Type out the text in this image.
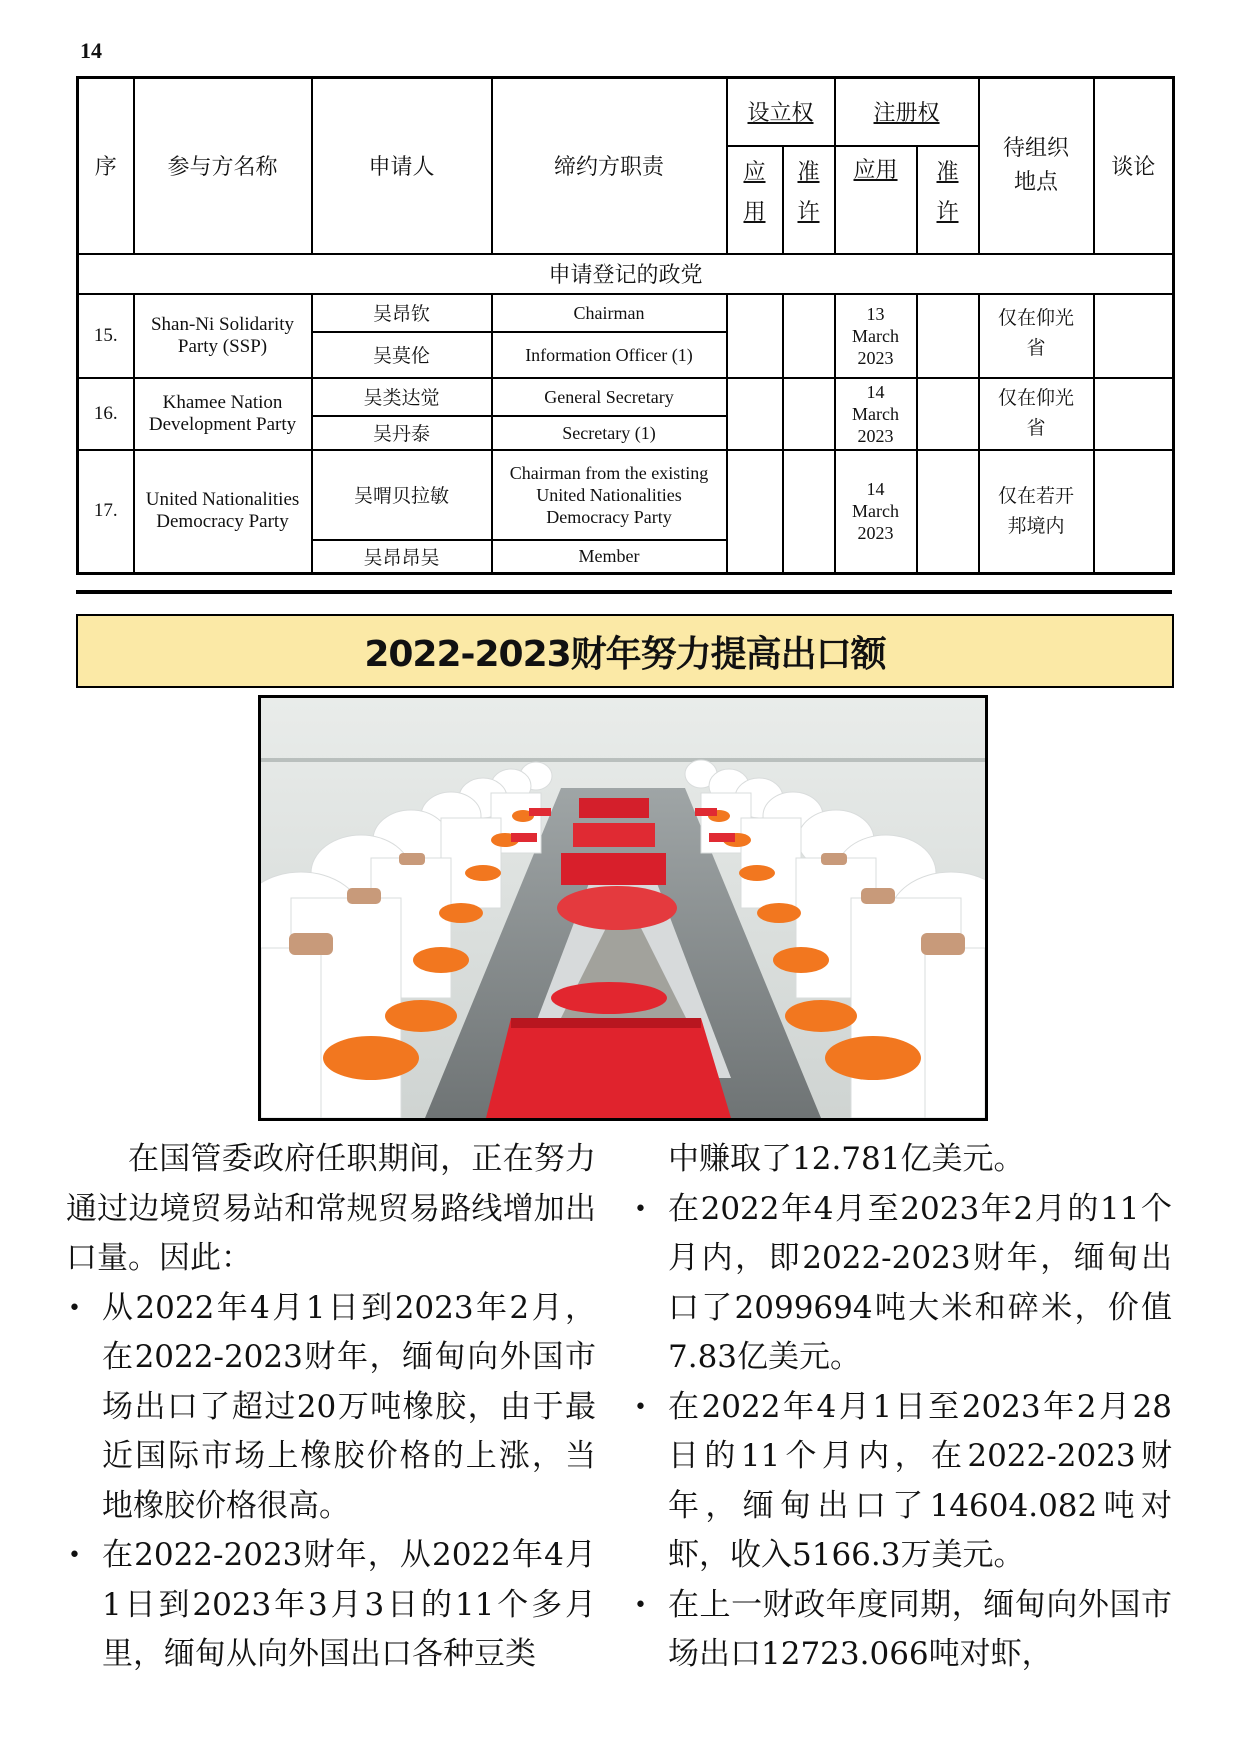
14
序	参与方名称	申请人	缔约方职责	设立权		注册权		待组织地点	谈论

				应用	准许	应用	准许		

申请登记的政党									
15.	Shan-Ni Solidarity Party (SSP)	吴昂钦	Chairman			13 March 2023		仅在仰光省	
		吴莫伦	Information Officer (1)						
16.	Khamee Nation Development Party	吴类达觉	General Secretary			14 March 2023		仅在仰光省	
		吴丹泰	Secretary (1)						
17.	United Nationalities Democracy Party	吴喟贝拉敏	Chairman from the existing United Nationalities Democracy Party			14 March 2023		仅在若开邦境内	
		吴昂昂吴	Member						
2022-2023财年努力提高出口额

在国管委政府任职期间，正在努力通过边境贸易站和常规贸易路线增加出口量。因此：

• 从2022年4月1日到2023年2月，在2022-2023财年，缅甸向外国市场出口了超过20万吨橡胶，由于最近国际市场上橡胶价格的上涨，当地橡胶价格很高。
• 在2022-2023财年，从2022年4月1日到2023年3月3日的11个多月里，缅甸从向外国出口各种豆类

中赚取了12.781亿美元。

• 在2022年4月至2023年2月的11个月内，即2022-2023财年，缅甸出口了2099694吨大米和碎米，价值7.83亿美元。
• 在2022年4月1日至2023年2月28日的11个月内，在2022-2023财年，缅甸出口了14604.082吨对虾，收入5166.3万美元。
• 在上一财政年度同期，缅甸向外国市场出口12723.066吨对虾，
